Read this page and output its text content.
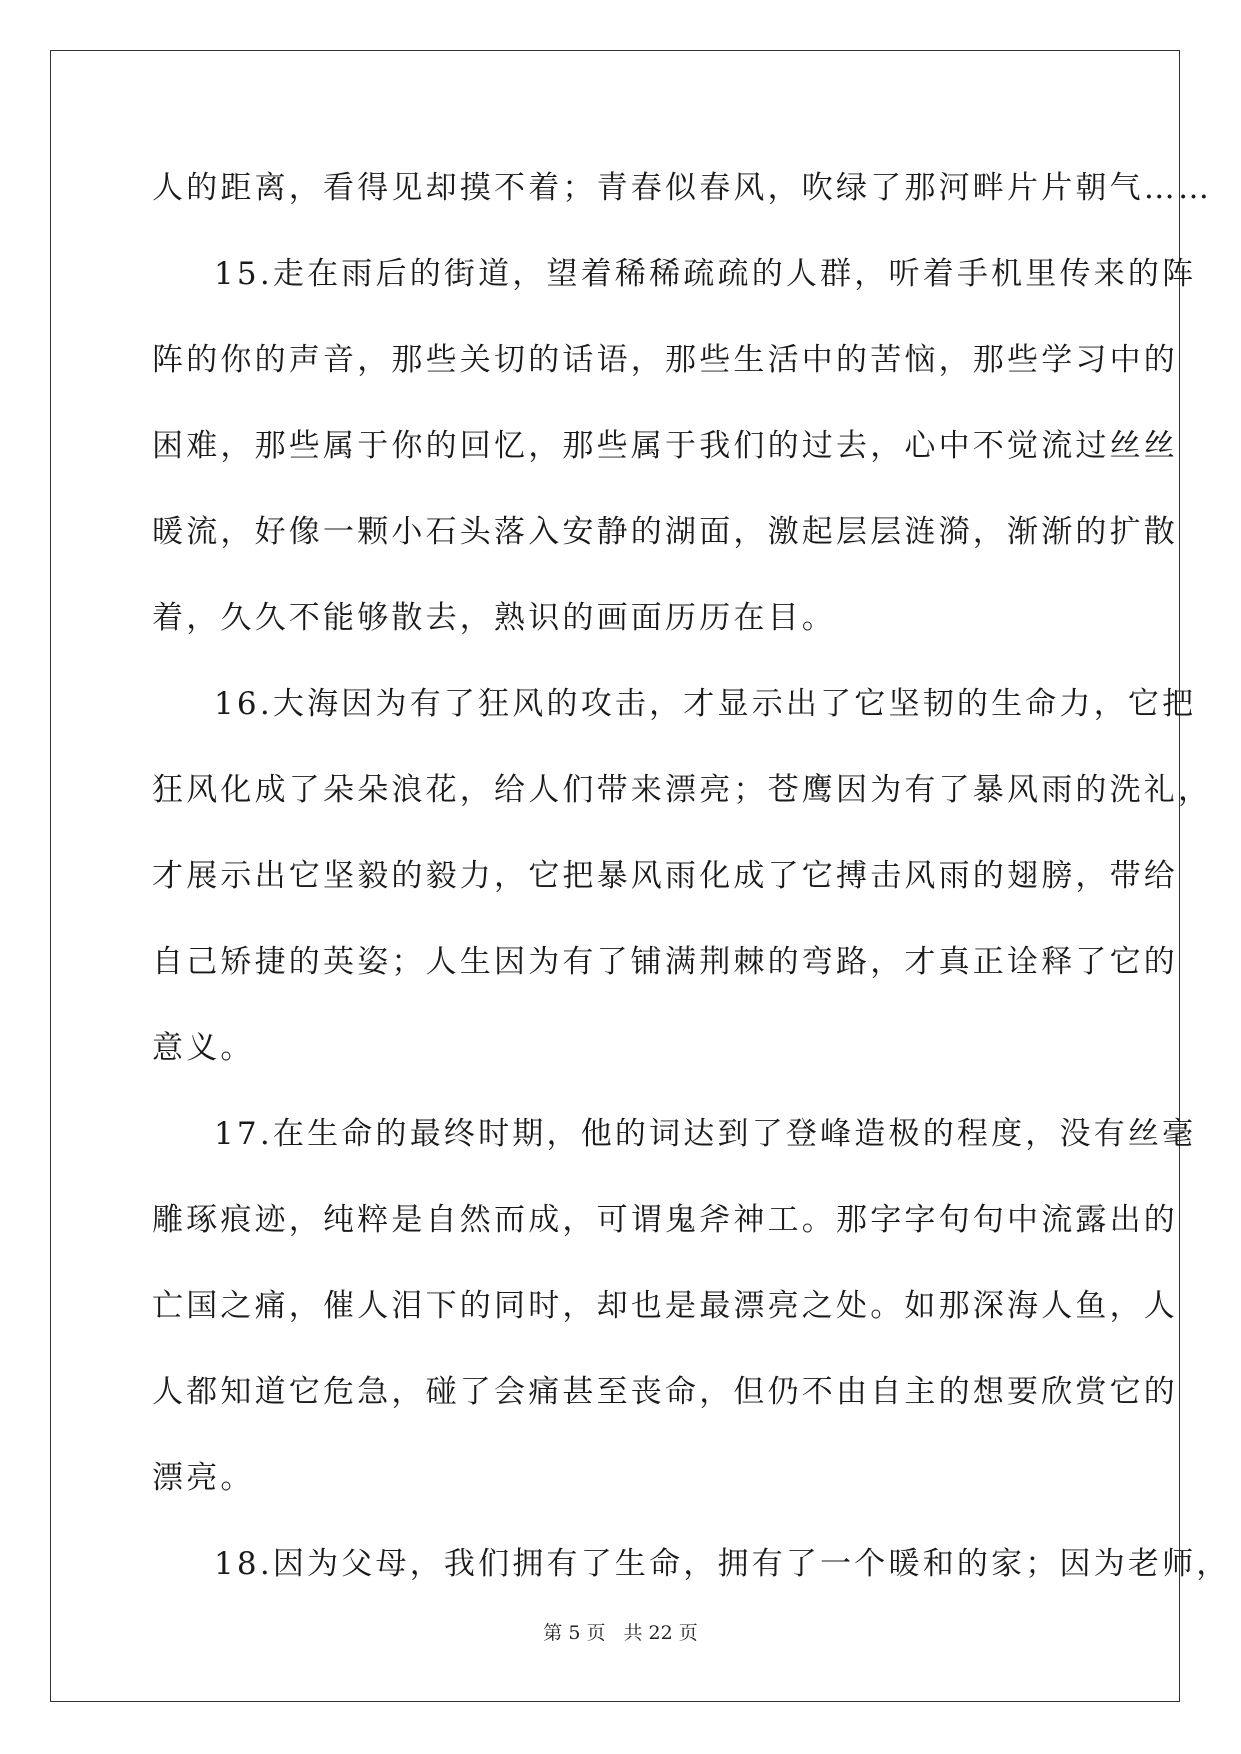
人的距离，看得见却摸不着；青春似春风，吹绿了那河畔片片朝气……
15.走在雨后的街道，望着稀稀疏疏的人群，听着手机里传来的阵
阵的你的声音，那些关切的话语，那些生活中的苦恼，那些学习中的
困难，那些属于你的回忆，那些属于我们的过去，心中不觉流过丝丝
暖流，好像一颗小石头落入安静的湖面，激起层层涟漪，渐渐的扩散
着，久久不能够散去，熟识的画面历历在目。
16.大海因为有了狂风的攻击，才显示出了它坚韧的生命力，它把
狂风化成了朵朵浪花，给人们带来漂亮；苍鹰因为有了暴风雨的洗礼，
才展示出它坚毅的毅力，它把暴风雨化成了它搏击风雨的翅膀，带给
自己矫捷的英姿；人生因为有了铺满荆棘的弯路，才真正诠释了它的
意义。
17.在生命的最终时期，他的词达到了登峰造极的程度，没有丝毫
雕琢痕迹，纯粹是自然而成，可谓鬼斧神工。那字字句句中流露出的
亡国之痛，催人泪下的同时，却也是最漂亮之处。如那深海人鱼，人
人都知道它危急，碰了会痛甚至丧命，但仍不由自主的想要欣赏它的
漂亮。
18.因为父母，我们拥有了生命，拥有了一个暖和的家；因为老师，
第 5 页 共 22 页
